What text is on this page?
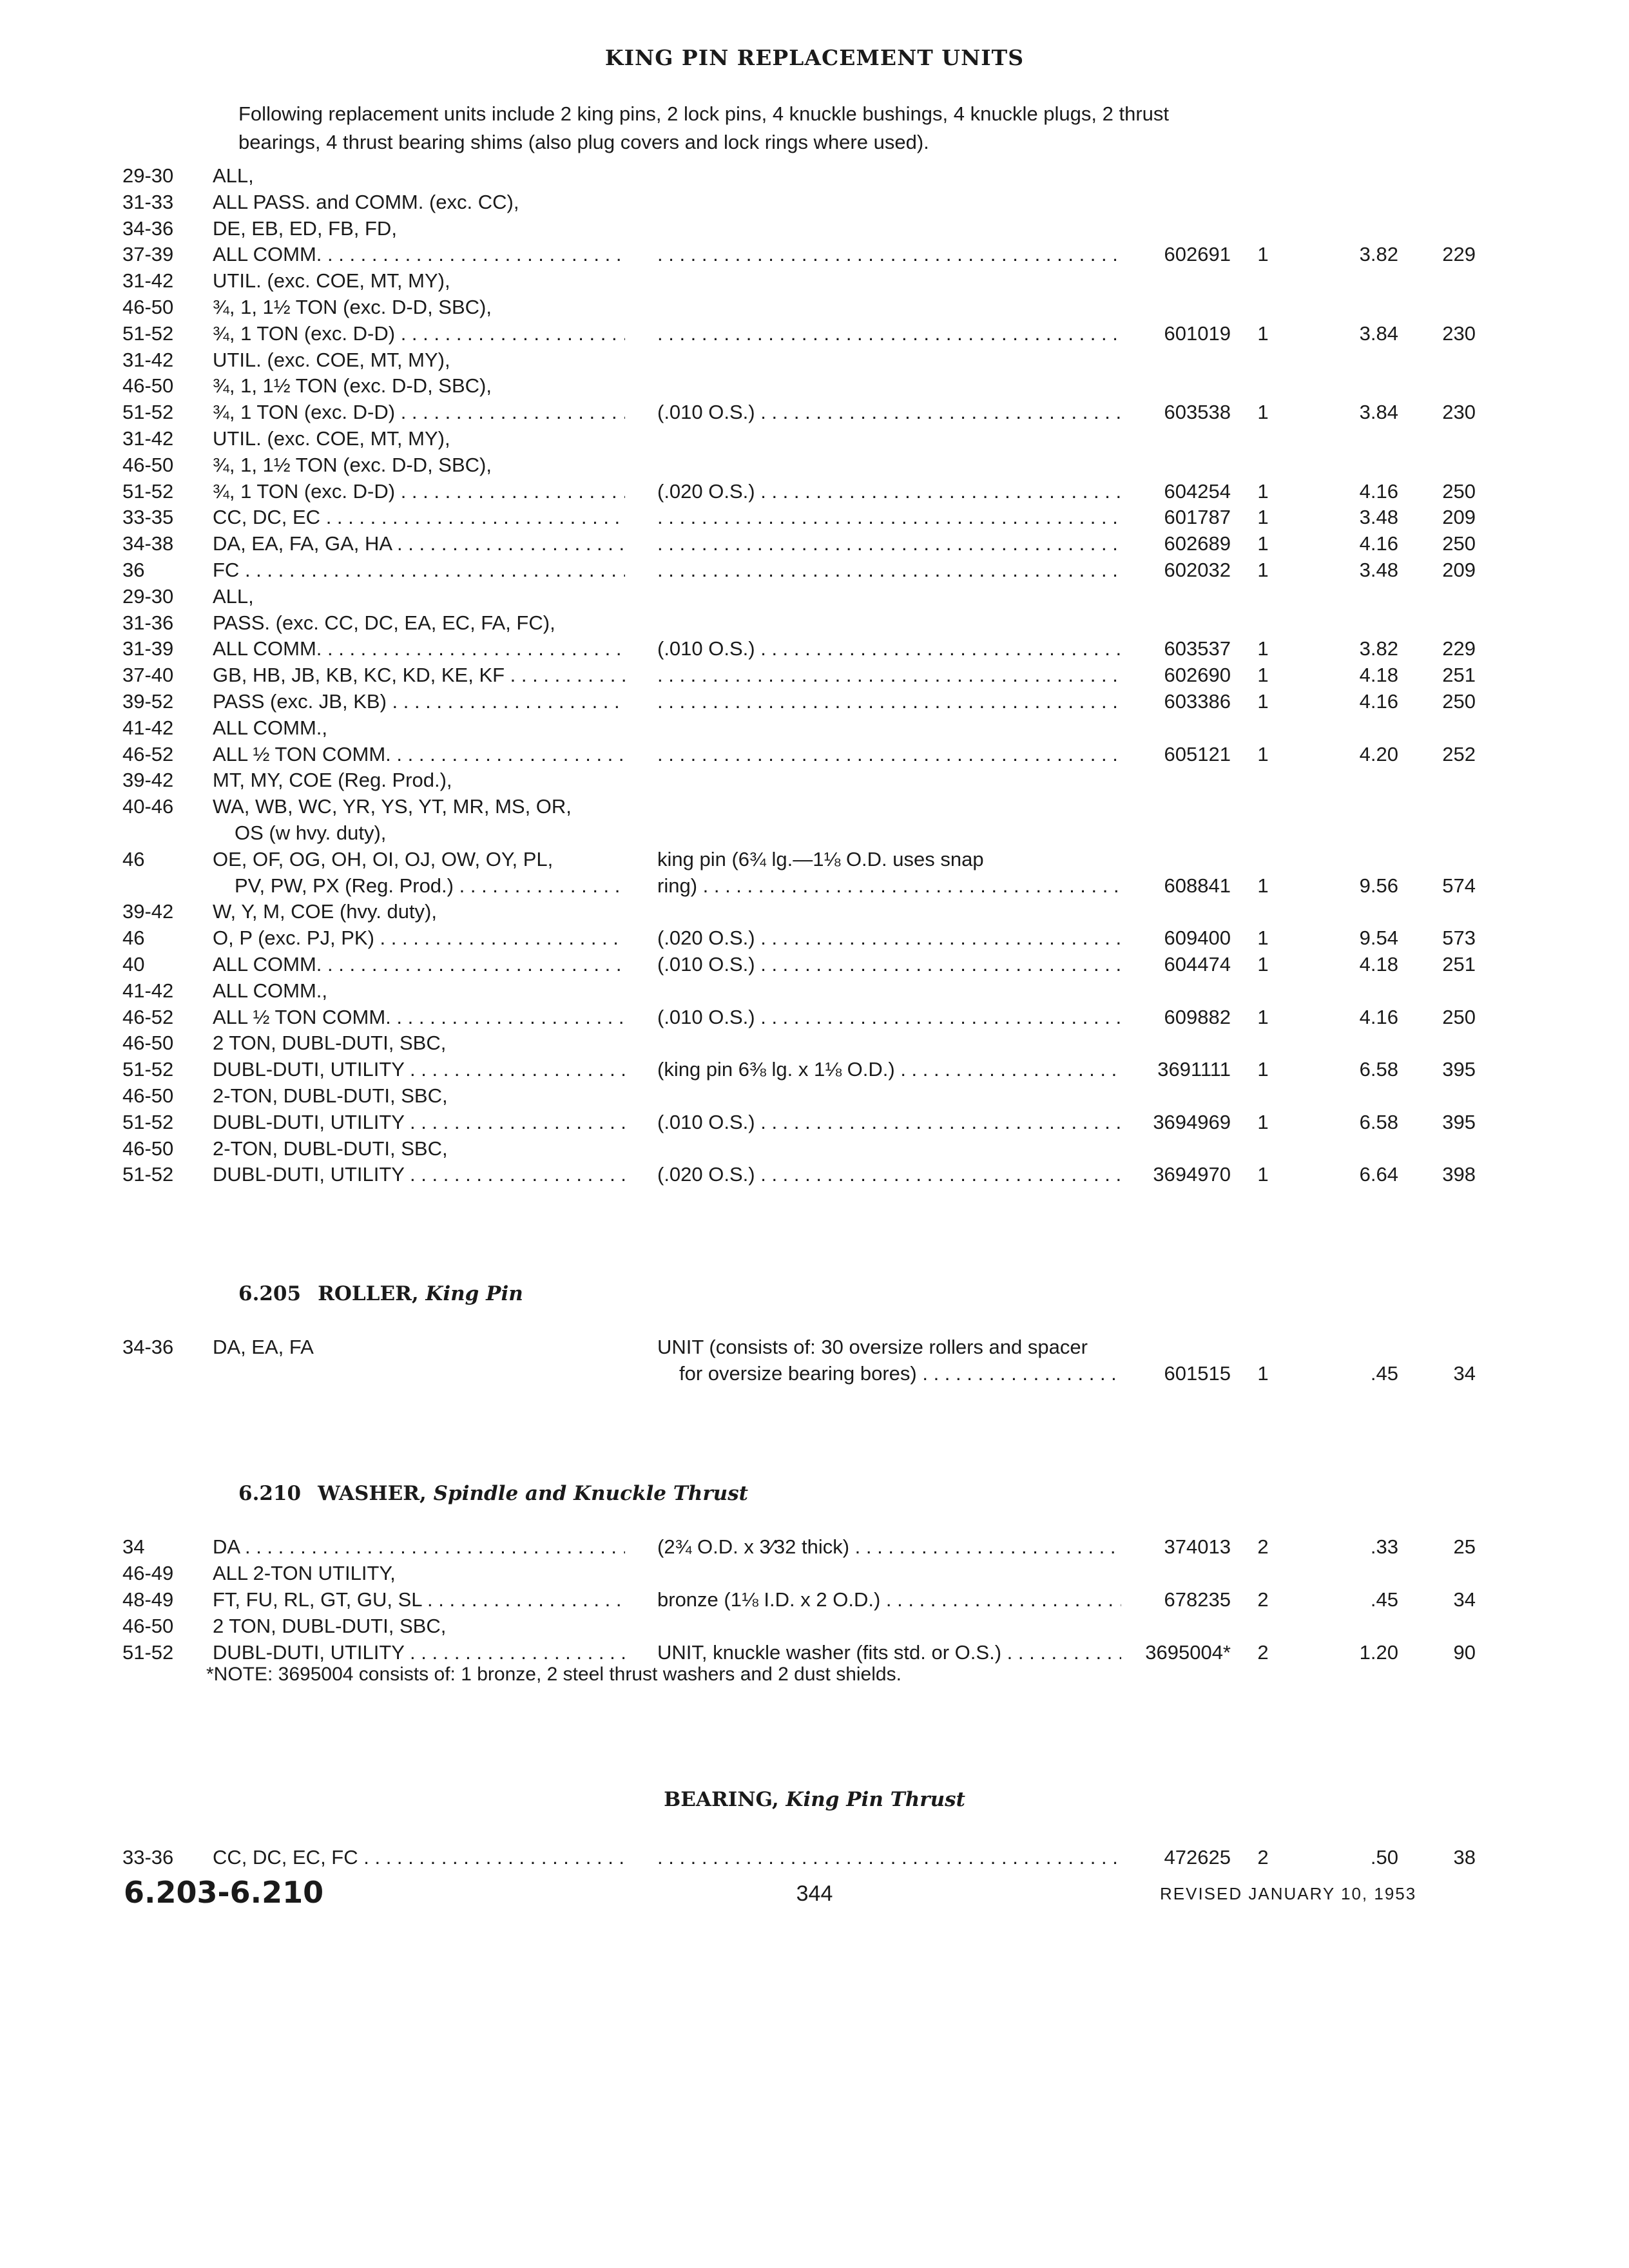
KING PIN REPLACEMENT UNITS

Following replacement units include 2 king pins, 2 lock pins, 4 knuckle bushings, 4 knuckle plugs, 2 thrust bearings, 4 thrust bearing shims (also plug covers and lock rings where used).

29-30	ALL,
31-33	ALL PASS. and COMM. (exc. CC),
34-36	DE, EB, ED, FB, FD,
37-39	ALL COMM. . . . . . .	602691	1	3.82	229
31-42	UTIL. (exc. COE, MT, MY),
46-50	¾, 1, 1½ TON (exc. D-D, SBC),
51-52	¾, 1 TON (exc. D-D) . . . . . .	601019	1	3.84	230
31-42	UTIL. (exc. COE, MT, MY),
46-50	¾, 1, 1½ TON (exc. D-D, SBC),
51-52	¾, 1 TON (exc. D-D) . . .	(.010 O.S.) . . .	603538	1	3.84	230
31-42	UTIL. (exc. COE, MT, MY),
46-50	¾, 1, 1½ TON (exc. D-D, SBC),
51-52	¾, 1 TON (exc. D-D) . . .	(.020 O.S.) . . .	604254	1	4.16	250
33-35	CC, DC, EC . . . . . .	601787	1	3.48	209
34-38	DA, EA, FA, GA, HA . . . . . .	602689	1	4.16	250
36	FC . . . . . .	602032	1	3.48	209
29-30	ALL,
31-36	PASS. (exc. CC, DC, EA, EC, FA, FC),
31-39	ALL COMM. . . .	(.010 O.S.) . . .	603537	1	3.82	229
37-40	GB, HB, JB, KB, KC, KD, KE, KF . . . . . .	602690	1	4.18	251
39-52	PASS (exc. JB, KB) . . . . . .	603386	1	4.16	250
41-42	ALL COMM.,
46-52	ALL ½ TON COMM. . . . . . .	605121	1	4.20	252
39-42	MT, MY, COE (Reg. Prod.),
40-46	WA, WB, WC, YR, YS, YT, MR, MS, OR,
OS (w hvy. duty),
46	OE, OF, OG, OH, OI, OJ, OW, OY, PL,	king pin (6¾ lg.—1⅛ O.D. uses snap
PV, PW, PX (Reg. Prod.) . . .	ring) . . .	608841	1	9.56	574
39-42	W, Y, M, COE (hvy. duty),
46	O, P (exc. PJ, PK) . . .	(.020 O.S.) . . .	609400	1	9.54	573
40	ALL COMM. . . .	(.010 O.S.) . . .	604474	1	4.18	251
41-42	ALL COMM.,
46-52	ALL ½ TON COMM. . . .	(.010 O.S.) . . .	609882	1	4.16	250
46-50	2 TON, DUBL-DUTI, SBC,
51-52	DUBL-DUTI, UTILITY . . .	(king pin 6⅜ lg. x 1⅛ O.D.) . . .	3691111	1	6.58	395
46-50	2-TON, DUBL-DUTI, SBC,
51-52	DUBL-DUTI, UTILITY . . .	(.010 O.S.) . . .	3694969	1	6.58	395
46-50	2-TON, DUBL-DUTI, SBC,
51-52	DUBL-DUTI, UTILITY . . .	(.020 O.S.) . . .	3694970	1	6.64	398
6.205 ROLLER, King Pin
34-36	DA, EA, FA	UNIT (consists of: 30 oversize rollers and spacer
for oversize bearing bores) . . .	601515	1	.45	34
6.210 WASHER, Spindle and Knuckle Thrust
34	DA . . .	(2¾ O.D. x 3⁄32 thick) . . .	374013	2	.33	25
46-49	ALL 2-TON UTILITY,
48-49	FT, FU, RL, GT, GU, SL . . .	bronze (1⅛ I.D. x 2 O.D.) . . .	678235	2	.45	34
46-50	2 TON, DUBL-DUTI, SBC,
51-52	DUBL-DUTI, UTILITY . . .	UNIT, knuckle washer (fits std. or O.S.) . . .	3695004*	2	1.20	90
*NOTE: 3695004 consists of: 1 bronze, 2 steel thrust washers and 2 dust shields.
BEARING, King Pin Thrust
33-36	CC, DC, EC, FC . . . . . .	472625	2	.50	38
6.203-6.210	344	REVISED JANUARY 10, 1953
